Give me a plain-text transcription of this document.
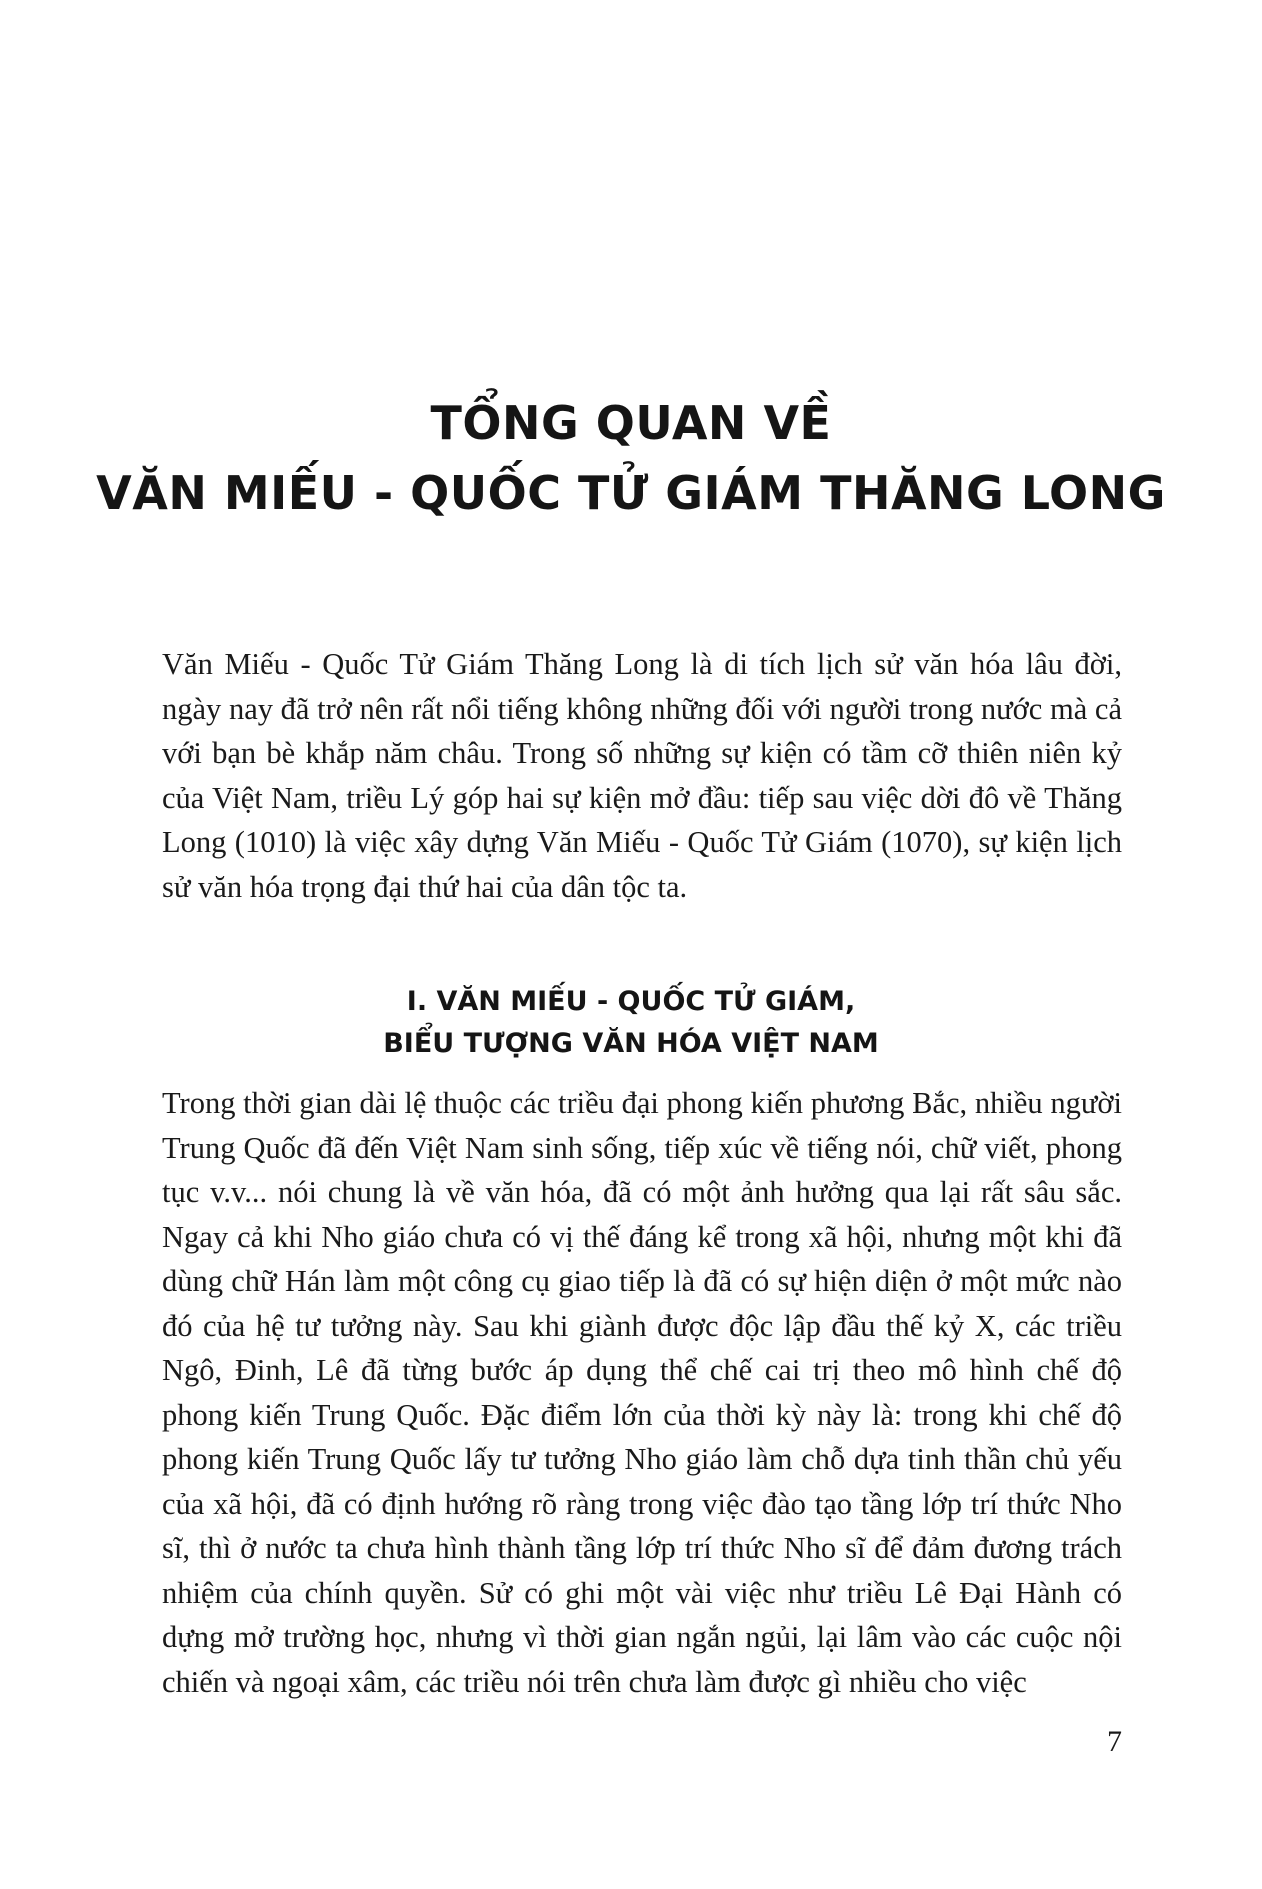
TỔNG QUAN VỀ
VĂN MIẾU - QUỐC TỬ GIÁM THĂNG LONG

Văn Miếu - Quốc Tử Giám Thăng Long là di tích lịch sử văn hóa lâu đời, ngày nay đã trở nên rất nổi tiếng không những đối với người trong nước mà cả với bạn bè khắp năm châu. Trong số những sự kiện có tầm cỡ thiên niên kỷ của Việt Nam, triều Lý góp hai sự kiện mở đầu: tiếp sau việc dời đô về Thăng Long (1010) là việc xây dựng Văn Miếu - Quốc Tử Giám (1070), sự kiện lịch sử văn hóa trọng đại thứ hai của dân tộc ta.

I. VĂN MIẾU - QUỐC TỬ GIÁM,
BIỂU TƯỢNG VĂN HÓA VIỆT NAM

Trong thời gian dài lệ thuộc các triều đại phong kiến phương Bắc, nhiều người Trung Quốc đã đến Việt Nam sinh sống, tiếp xúc về tiếng nói, chữ viết, phong tục v.v... nói chung là về văn hóa, đã có một ảnh hưởng qua lại rất sâu sắc. Ngay cả khi Nho giáo chưa có vị thế đáng kể trong xã hội, nhưng một khi đã dùng chữ Hán làm một công cụ giao tiếp là đã có sự hiện diện ở một mức nào đó của hệ tư tưởng này. Sau khi giành được độc lập đầu thế kỷ X, các triều Ngô, Đinh, Lê đã từng bước áp dụng thể chế cai trị theo mô hình chế độ phong kiến Trung Quốc. Đặc điểm lớn của thời kỳ này là: trong khi chế độ phong kiến Trung Quốc lấy tư tưởng Nho giáo làm chỗ dựa tinh thần chủ yếu của xã hội, đã có định hướng rõ ràng trong việc đào tạo tầng lớp trí thức Nho sĩ, thì ở nước ta chưa hình thành tầng lớp trí thức Nho sĩ để đảm đương trách nhiệm của chính quyền. Sử có ghi một vài việc như triều Lê Đại Hành có dựng mở trường học, nhưng vì thời gian ngắn ngủi, lại lâm vào các cuộc nội chiến và ngoại xâm, các triều nói trên chưa làm được gì nhiều cho việc

7
